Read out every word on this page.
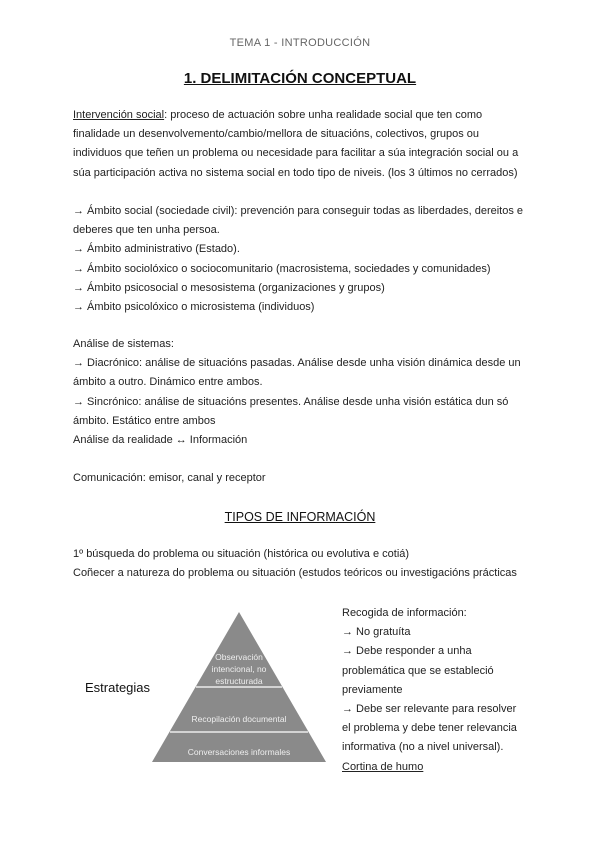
TEMA 1 - INTRODUCCIÓN
1. DELIMITACIÓN CONCEPTUAL
Intervención social: proceso de actuación sobre unha realidade social que ten como
finalidade un desenvolvemento/cambio/mellora de situacións, colectivos, grupos ou
individuos que teñen un problema ou necesidade para facilitar a súa integración social ou a
súa participación activa no sistema social en todo tipo de niveis. (los 3 últimos no cerrados)
→ Ámbito social (sociedade civil): prevención para conseguir todas as liberdades, dereitos e
deberes que ten unha persoa.
→ Ámbito administrativo (Estado).
→ Ámbito sociolóxico o sociocomunitario (macrosistema, sociedades y comunidades)
→ Ámbito psicosocial o mesosistema (organizaciones y grupos)
→ Ámbito psicolóxico o microsistema (individuos)
Análise de sistemas:
→ Diacrónico: análise de situacións pasadas. Análise desde unha visión dinámica desde un
ámbito a outro. Dinámico entre ambos.
→ Sincrónico: análise de situacións presentes. Análise desde unha visión estática dun só
ámbito. Estático entre ambos
Análise da realidade ↔ Información
Comunicación: emisor, canal y receptor
TIPOS DE INFORMACIÓN
1º búsqueda do problema ou situación (histórica ou evolutiva e cotiá)
Coñecer a natureza do problema ou situación (estudos teóricos ou investigacións prácticas
Estrategias
Observación
intencional, no
estructurada
Recopilación documental
Conversaciones informales
Recogida de información:
→ No gratuíta
→ Debe responder a unha
problemática que se estableció
previamente
→ Debe ser relevante para resolver
el problema y debe tener relevancia
informativa (no a nivel universal).
Cortina de humo
